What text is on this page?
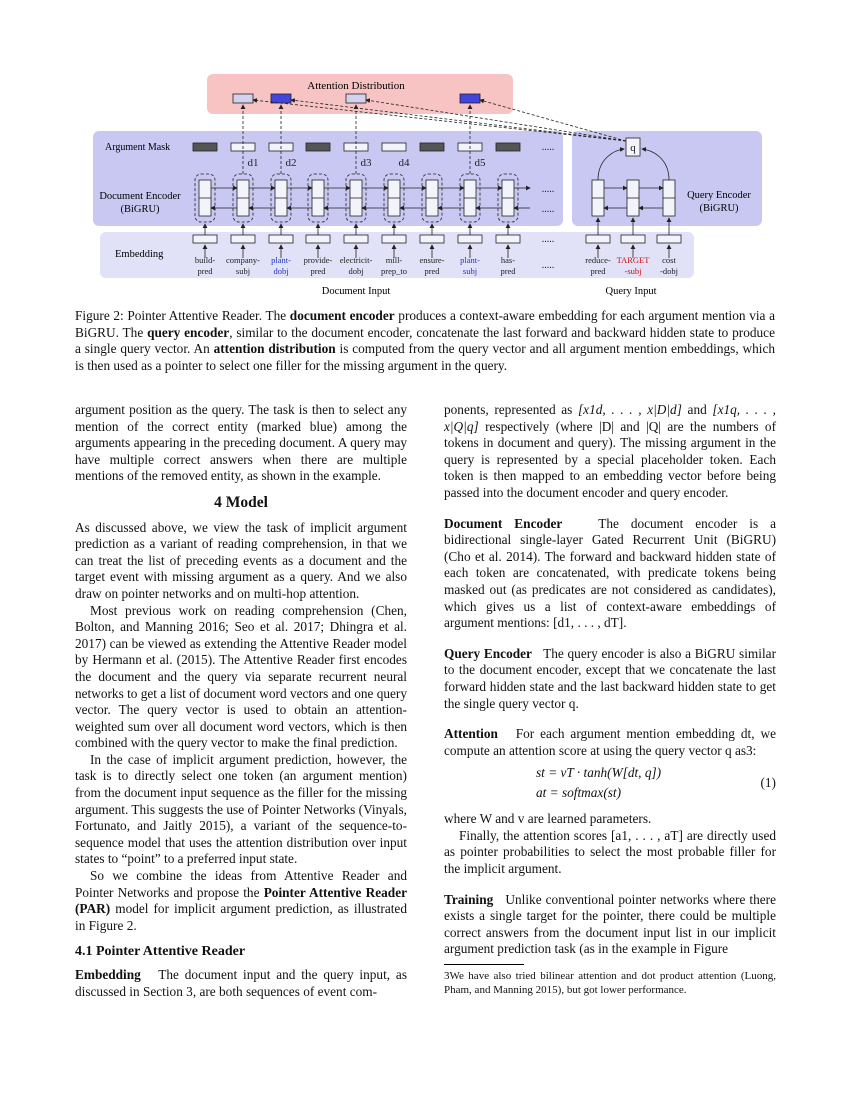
Attention Distribution
Argument Mask
Document Encoder
(BiGRU)
Query Encoder
(BiGRU)
Embedding
Document Input	Query Input
build-
pred
company-
subj
plant-
dobj
provide-
pred
electricit-
dobj
mill-
prep_to
ensure-
pred
plant-
subj
has-
pred
.....
.....
.....
.....
.....
d1 d2	d3 d4	d5
reduce-
pred
TARGET
-subj
cost
-dobj
q
Figure 2: Pointer Attentive Reader. The document encoder produces a context-aware embedding for each argument mention via a BiGRU. The query encoder, similar to the document encoder, concatenate the last forward and backward hidden state to produce a single query vector. An attention distribution is computed from the query vector and all argument mention embeddings, which is then used as a pointer to select one filler for the missing argument in the query.

argument position as the query. The task is then to select any mention of the correct entity (marked blue) among the arguments appearing in the preceding document. A query may have multiple correct answers when there are multiple mentions of the removed entity, as shown in the example.

4 Model

As discussed above, we view the task of implicit argument prediction as a variant of reading comprehension, in that we can treat the list of preceding events as a document and the target event with missing argument as a query. And we also draw on pointer networks and on multi-hop attention.

Most previous work on reading comprehension (Chen, Bolton, and Manning 2016; Seo et al. 2017; Dhingra et al. 2017) can be viewed as extending the Attentive Reader model by Hermann et al. (2015). The Attentive Reader first encodes the document and the query via separate recurrent neural networks to get a list of document word vectors and one query vector. The query vector is used to obtain an attention-weighted sum over all document word vectors, which is then combined with the query vector to make the final prediction.

In the case of implicit argument prediction, however, the task is to directly select one token (an argument mention) from the document input sequence as the filler for the missing argument. This suggests the use of Pointer Networks (Vinyals, Fortunato, and Jaitly 2015), a variant of the sequence-to-sequence model that uses the attention distribution over input states to “point” to a preferred input state.

So we combine the ideas from Attentive Reader and Pointer Networks and propose the Pointer Attentive Reader (PAR) model for implicit argument prediction, as illustrated in Figure 2.

4.1 Pointer Attentive Reader

Embedding The document input and the query input, as discussed in Section 3, are both sequences of event com-

ponents, represented as [x1d, . . . , x|D|d] and [x1q, . . . , x|Q|q] respectively (where |D| and |Q| are the numbers of tokens in document and query). The missing argument in the query is represented by a special placeholder token. Each token is then mapped to an embedding vector before being passed into the document encoder and query encoder.

Document Encoder	The document encoder is a bidirectional single-layer Gated Recurrent Unit (BiGRU) (Cho et al. 2014). The forward and backward hidden state of each token are concatenated, with predicate tokens being masked out (as predicates are not considered as candidates), which gives us a list of context-aware embeddings of argument mentions: [d1, . . . , dT].

Query Encoder The query encoder is also a BiGRU similar to the document encoder, except that we concatenate the last forward hidden state and the last backward hidden state to get the single query vector q.

Attention For each argument mention embedding dt, we compute an attention score at using the query vector q as3:

st = vT · tanh(W[dt, q])
at = softmax(st)
(1)

where W and v are learned parameters.

Finally, the attention scores [a1, . . . , aT] are directly used as pointer probabilities to select the most probable filler for the implicit argument.

Training Unlike conventional pointer networks where there exists a single target for the pointer, there could be multiple correct answers from the document input list in our implicit argument prediction task (as in the example in Figure

3We have also tried bilinear attention and dot product attention (Luong, Pham, and Manning 2015), but got lower performance.
